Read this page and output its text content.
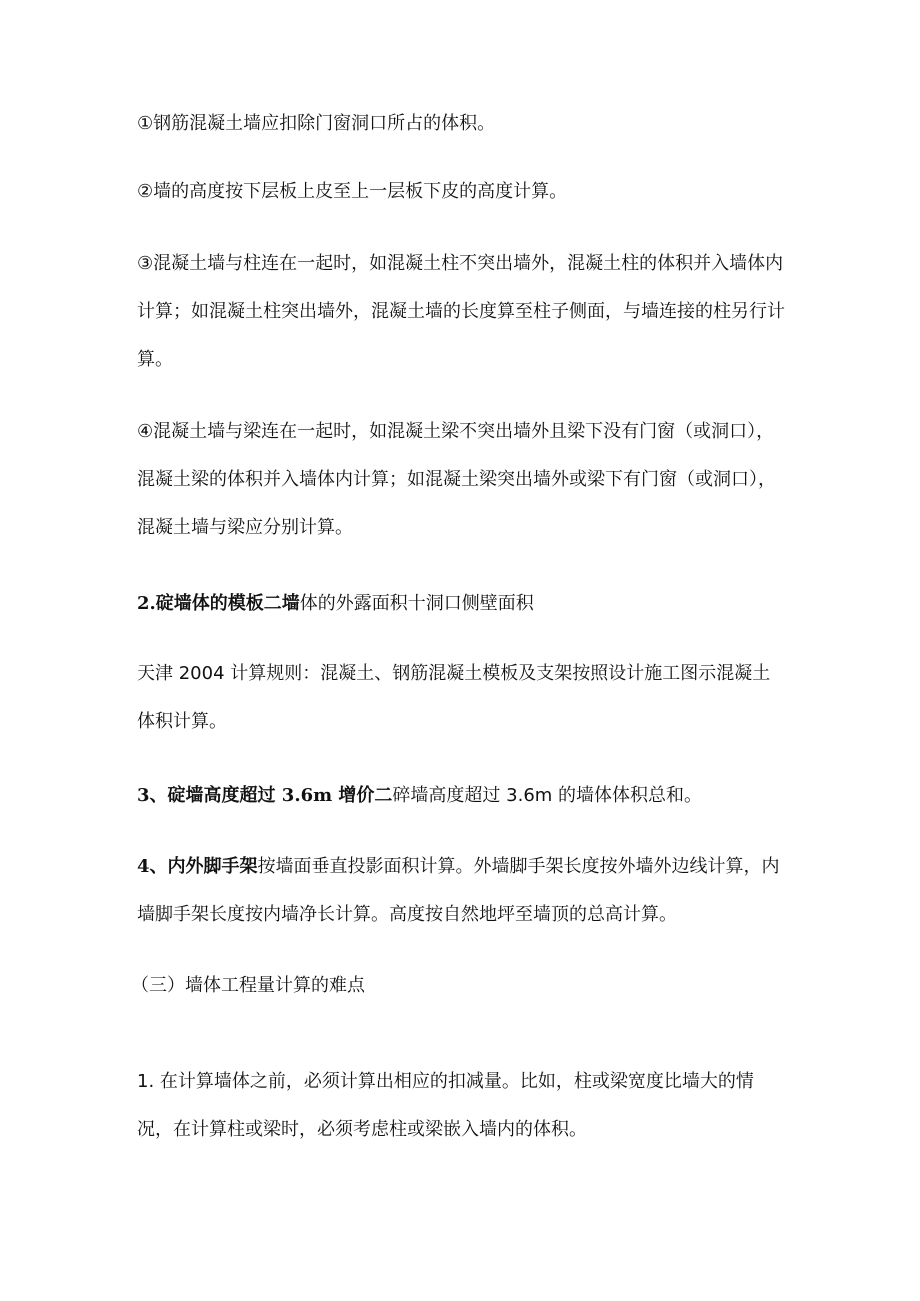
①钢筋混凝土墙应扣除门窗洞口所占的体积。

②墙的高度按下层板上皮至上一层板下皮的高度计算。

③混凝土墙与柱连在一起时，如混凝土柱不突出墙外，混凝土柱的体积并入墙体内计算；如混凝土柱突出墙外，混凝土墙的长度算至柱子侧面，与墙连接的柱另行计算。

④混凝土墙与梁连在一起时，如混凝土梁不突出墙外且梁下没有门窗（或洞口），混凝土梁的体积并入墙体内计算；如混凝土梁突出墙外或梁下有门窗（或洞口），混凝土墙与梁应分别计算。

2.碇墙体的模板二墙体的外露面积十洞口侧壁面积

天津 2004 计算规则：混凝土、钢筋混凝土模板及支架按照设计施工图示混凝土体积计算。

3、碇墙高度超过 3.6m 增价二碎墙高度超过 3.6m 的墙体体积总和。

4、内外脚手架按墙面垂直投影面积计算。外墙脚手架长度按外墙外边线计算，内墙脚手架长度按内墙净长计算。高度按自然地坪至墙顶的总高计算。

（三）墙体工程量计算的难点

1. 在计算墙体之前，必须计算出相应的扣减量。比如，柱或梁宽度比墙大的情况，在计算柱或梁时，必须考虑柱或梁嵌入墙内的体积。
